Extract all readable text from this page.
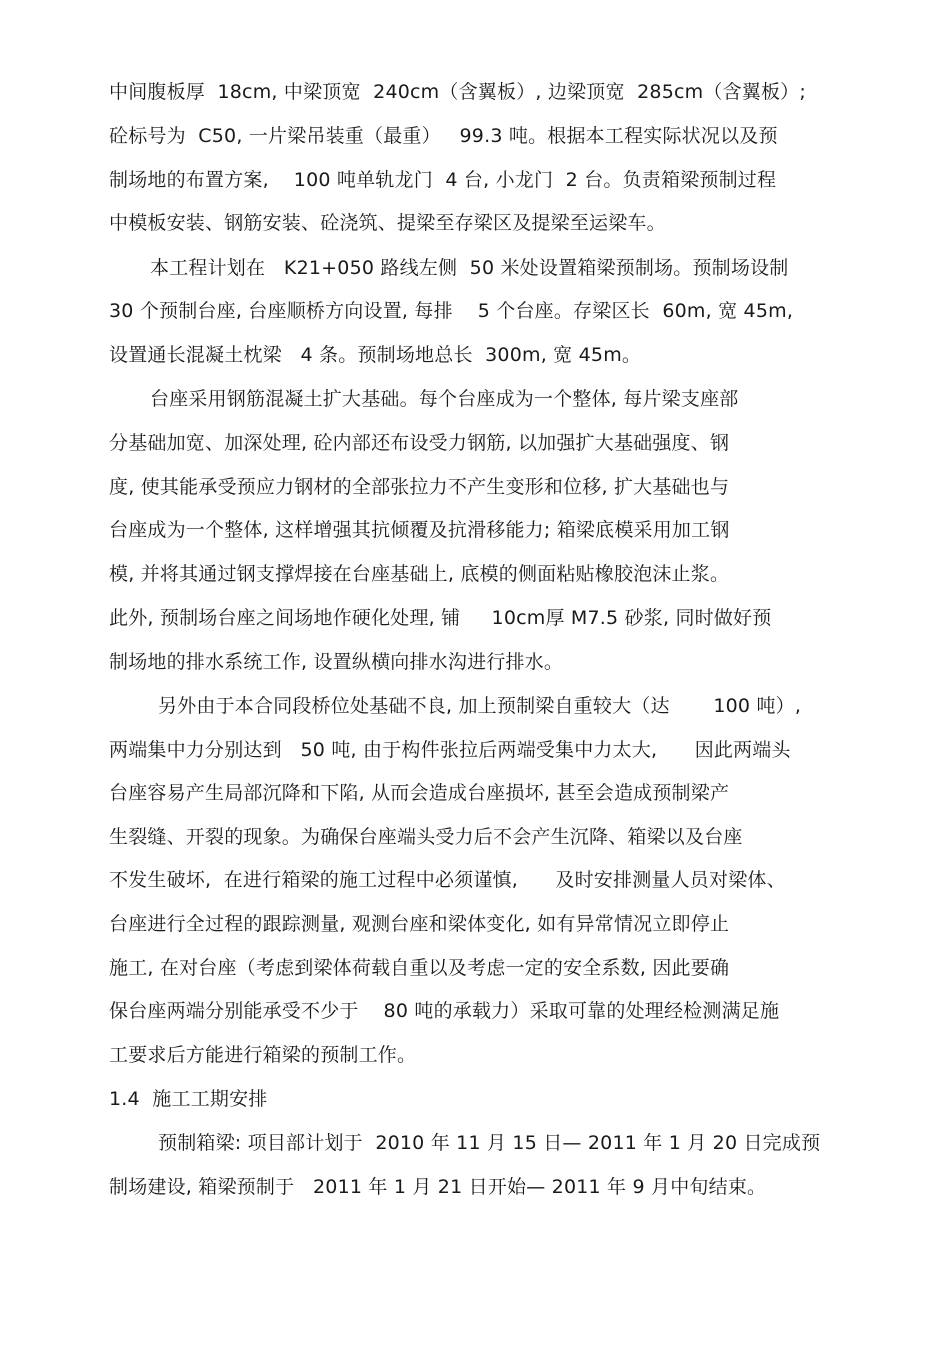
中间腹板厚  18cm, 中梁顶宽  240cm（含翼板）, 边梁顶宽  285cm（含翼板）;
砼标号为  C50, 一片梁吊装重（最重）   99.3 吨。根据本工程实际状况以及预
制场地的布置方案,    100 吨单轨龙门  4 台, 小龙门  2 台。负责箱梁预制过程
中模板安装、钢筋安装、砼浇筑、提梁至存梁区及提梁至运梁车。
本工程计划在   K21+050 路线左侧  50 米处设置箱梁预制场。预制场设制
30 个预制台座, 台座顺桥方向设置, 每排    5 个台座。存梁区长  60m, 宽 45m,
设置通长混凝土枕梁   4 条。预制场地总长  300m, 宽 45m。
台座采用钢筋混凝土扩大基础。每个台座成为一个整体, 每片梁支座部
分基础加宽、加深处理, 砼内部还布设受力钢筋, 以加强扩大基础强度、钢
度, 使其能承受预应力钢材的全部张拉力不产生变形和位移, 扩大基础也与
台座成为一个整体, 这样增强其抗倾覆及抗滑移能力; 箱梁底模采用加工钢
模, 并将其通过钢支撑焊接在台座基础上, 底模的侧面粘贴橡胶泡沫止浆。
此外, 预制场台座之间场地作硬化处理, 铺     10cm厚 M7.5 砂浆, 同时做好预
制场地的排水系统工作, 设置纵横向排水沟进行排水。
另外由于本合同段桥位处基础不良, 加上预制梁自重较大（达       100 吨）,
两端集中力分别达到   50 吨, 由于构件张拉后两端受集中力太大,      因此两端头
台座容易产生局部沉降和下陷, 从而会造成台座损坏, 甚至会造成预制梁产
生裂缝、开裂的现象。为确保台座端头受力后不会产生沉降、箱梁以及台座
不发生破坏,  在进行箱梁的施工过程中必须谨慎,      及时安排测量人员对梁体、
台座进行全过程的跟踪测量, 观测台座和梁体变化, 如有异常情况立即停止
施工, 在对台座（考虑到梁体荷载自重以及考虑一定的安全系数, 因此要确
保台座两端分别能承受不少于    80 吨的承载力）采取可靠的处理经检测满足施
工要求后方能进行箱梁的预制工作。
1.4  施工工期安排
预制箱梁: 项目部计划于  2010 年 11 月 15 日— 2011 年 1 月 20 日完成预
制场建设, 箱梁预制于   2011 年 1 月 21 日开始— 2011 年 9 月中旬结束。
